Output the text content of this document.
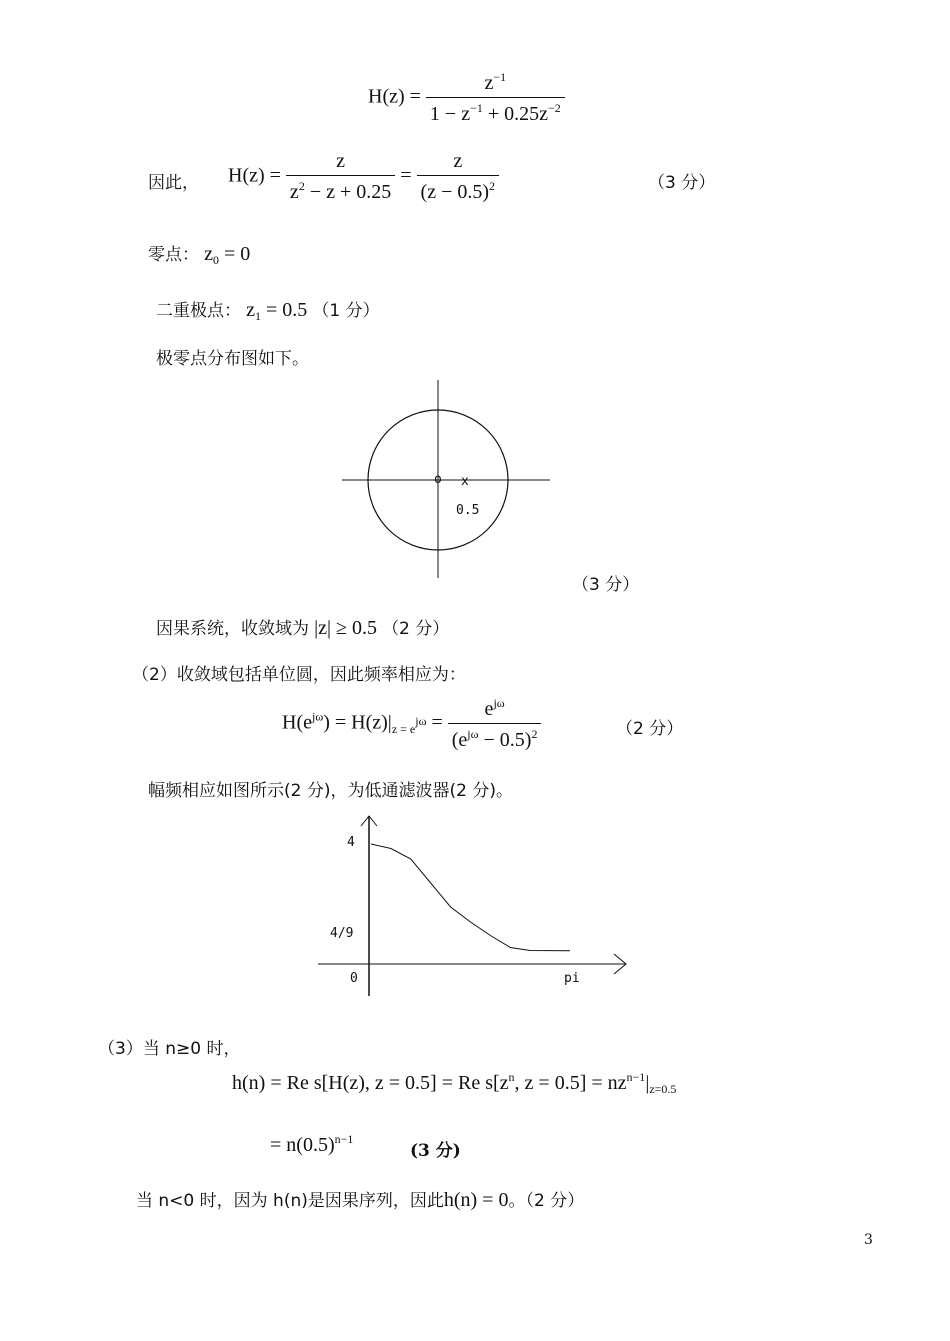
$H(z) = \frac{z^{-1}}{1 - z^{-1} + 0.25z^{-2}}$
因此， $H(z) = \frac{z}{z^2 - z + 0.25} = \frac{z}{(z - 0.5)^2}$	（3 分）
零点： $z_0 = 0$
二重极点： $z_1 = 0.5$ （1 分）
极零点分布图如下。
o x
0.5
（3 分）
因果系统，收敛域为 |z| ≥ 0.5 （2 分）
（2）收敛域包括单位圆，因此频率相应为：
$H(e^{j\omega}) = H(z)|_{z = e^{j\omega}} = \frac{e^{j\omega}}{(e^{j\omega} - 0.5)^2}$	（2 分）
幅频相应如图所示(2 分)，为低通滤波器(2 分)。
4
4/9
0	pi
（3）当 n≥0 时，
h(n) = Re s[H(z), z = 0.5] = Re $s[z^n$, $z = 0.5] = nz^{n-1}|_{z=0.5}$
= $n(0.5)^{n-1}$
(3 分)
当 n<0 时，因为 h(n)是因果序列，因此h(n) = 0。（2 分）
3
